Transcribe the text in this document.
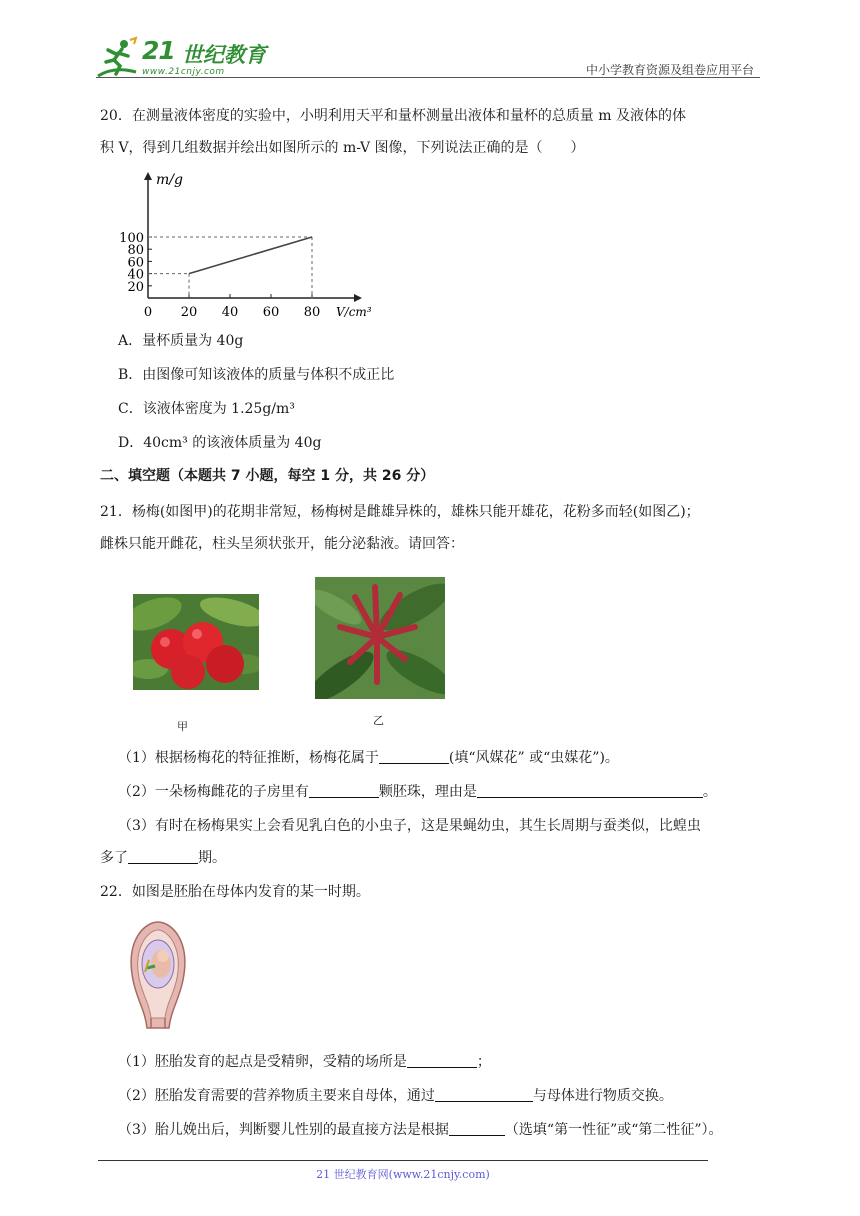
21 世纪教育
www.21cnjy.com	中小学教育资源及组卷应用平台
20．在测量液体密度的实验中，小明利用天平和量杯测量出液体和量杯的总质量 m 及液体的体
积 V，得到几组数据并绘出如图所示的 m-V 图像，下列说法正确的是（　　）
0 20 40 60 80
20
40
60
80
100
m/g
V/cm³
A．量杯质量为 40g
B．由图像可知该液体的质量与体积不成正比
C．该液体密度为 1.25g/m³
D．40cm³ 的该液体质量为 40g
二、填空题（本题共 7 小题，每空 1 分，共 26 分）
21．杨梅(如图甲)的花期非常短，杨梅树是雌雄异株的，雄株只能开雄花，花粉多而轻(如图乙)；
雌株只能开雌花，柱头呈须状张开，能分泌黏液。请回答：
甲	乙
（1）根据杨梅花的特征推断，杨梅花属于	(填“风媒花” 或“虫媒花”)。
（2）一朵杨梅雌花的子房里有	颗胚珠，理由是	。
（3）有时在杨梅果实上会看见乳白色的小虫子，这是果蝇幼虫，其生长周期与蚕类似，比蝗虫
多了	期。
22．如图是胚胎在母体内发育的某一时期。
（1）胚胎发育的起点是受精卵，受精的场所是	；
（2）胚胎发育需要的营养物质主要来自母体，通过	与母体进行物质交换。
（3）胎儿娩出后，判断婴儿性别的最直接方法是根据	（选填“第一性征”或“第二性征”）。
21 世纪教育网(www.21cnjy.com)
